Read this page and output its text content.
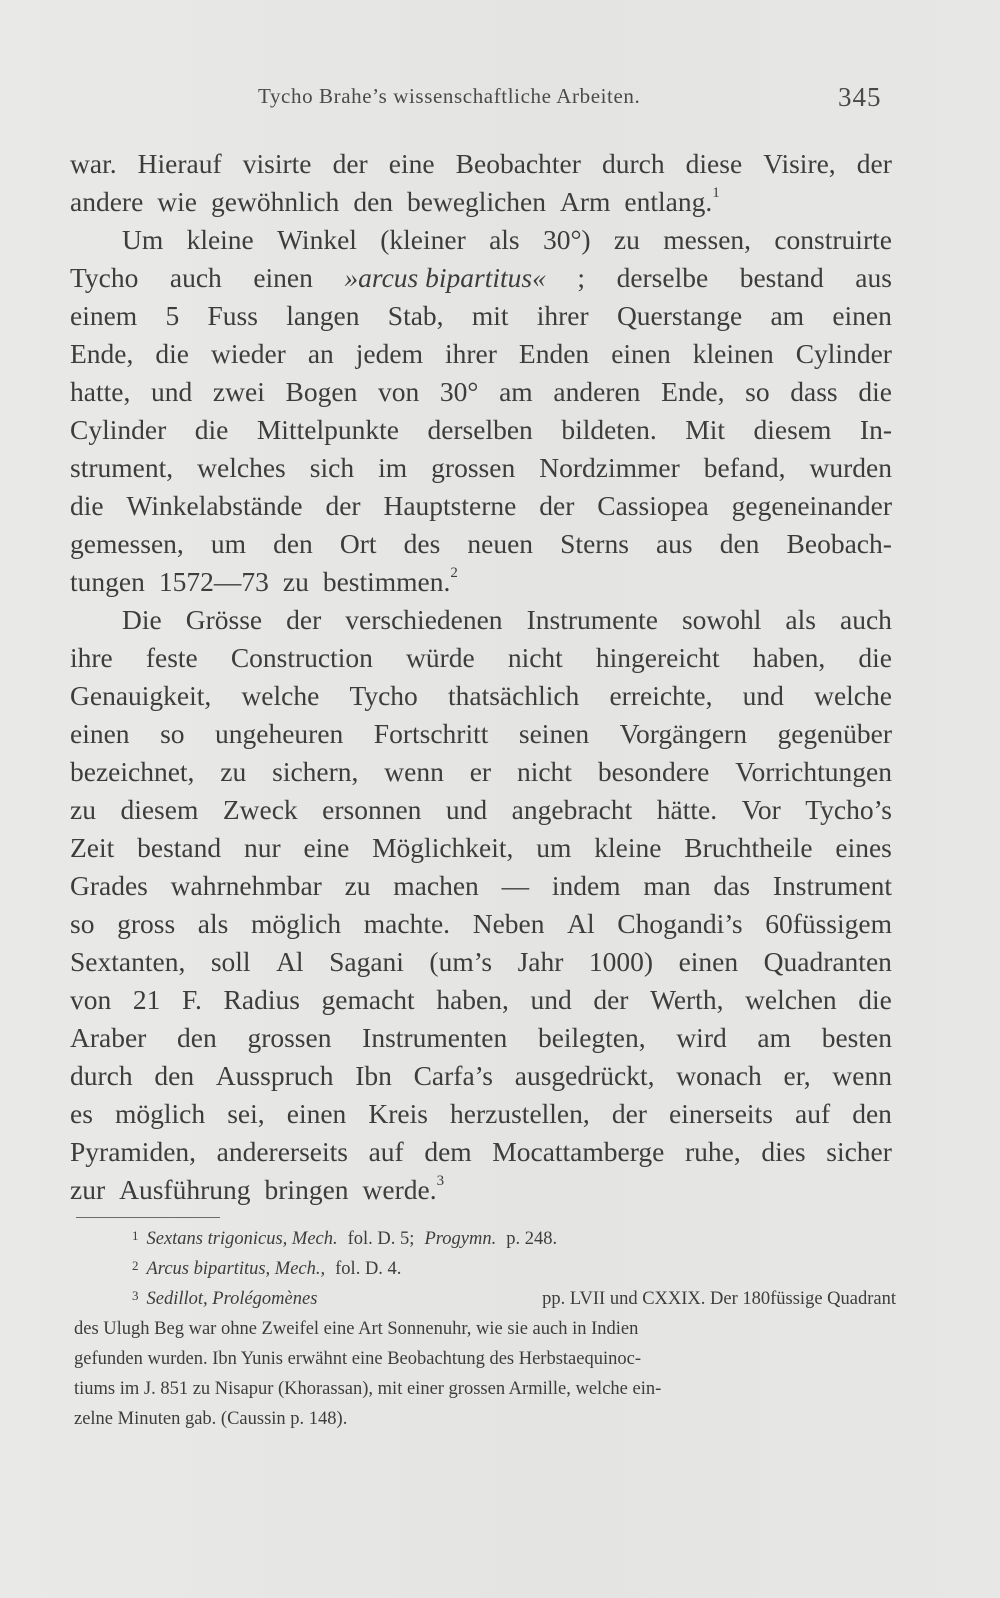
Tycho Brahe’s wissenschaftliche Arbeiten.	345
war. Hierauf visirte der eine Beobachter durch diese Visire, der
andere wie gewöhnlich den beweglichen Arm entlang.$^1$
Um kleine Winkel (kleiner als 30°) zu messen, construirte
Tycho auch einen »arcus bipartitus« ; derselbe bestand aus
einem 5 Fuss langen Stab, mit ihrer Querstange am einen
Ende, die wieder an jedem ihrer Enden einen kleinen Cylinder
hatte, und zwei Bogen von 30° am anderen Ende, so dass die
Cylinder die Mittelpunkte derselben bildeten. Mit diesem In-
strument, welches sich im grossen Nordzimmer befand, wurden
die Winkelabstände der Hauptsterne der Cassiopea gegeneinander
gemessen, um den Ort des neuen Sterns aus den Beobach-
tungen 1572—73 zu bestimmen.$^2$
Die Grösse der verschiedenen Instrumente sowohl als auch
ihre feste Construction würde nicht hingereicht haben, die
Genauigkeit, welche Tycho thatsächlich erreichte, und welche
einen so ungeheuren Fortschritt seinen Vorgängern gegenüber
bezeichnet, zu sichern, wenn er nicht besondere Vorrichtungen
zu diesem Zweck ersonnen und angebracht hätte. Vor Tycho’s
Zeit bestand nur eine Möglichkeit, um kleine Bruchtheile eines
Grades wahrnehmbar zu machen — indem man das Instrument
so gross als möglich machte. Neben Al Chogandi’s 60füssigem
Sextanten, soll Al Sagani (um’s Jahr 1000) einen Quadranten
von 21 F. Radius gemacht haben, und der Werth, welchen die
Araber den grossen Instrumenten beilegten, wird am besten
durch den Ausspruch Ibn Carfa’s ausgedrückt, wonach er, wenn
es möglich sei, einen Kreis herzustellen, der einerseits auf den
Pyramiden, andererseits auf dem Mocattamberge ruhe, dies sicher
zur Ausführung bringen werde.$^3$
$^1$ Sextans trigonicus, Mech. fol. D. 5; Progymn. p. 248.
$^2$ Arcus bipartitus, Mech., fol. D. 4.
$^3$ Sedillot, Prolégomènes	pp. LVII und CXXIX. Der 180füssige Quadrant
des Ulugh Beg war ohne Zweifel eine Art Sonnenuhr, wie sie auch in Indien
gefunden wurden. Ibn Yunis erwähnt eine Beobachtung des Herbstaequinoc-
tiums im J. 851 zu Nisapur (Khorassan), mit einer grossen Armille, welche ein-
zelne Minuten gab. (Caussin p. 148).
